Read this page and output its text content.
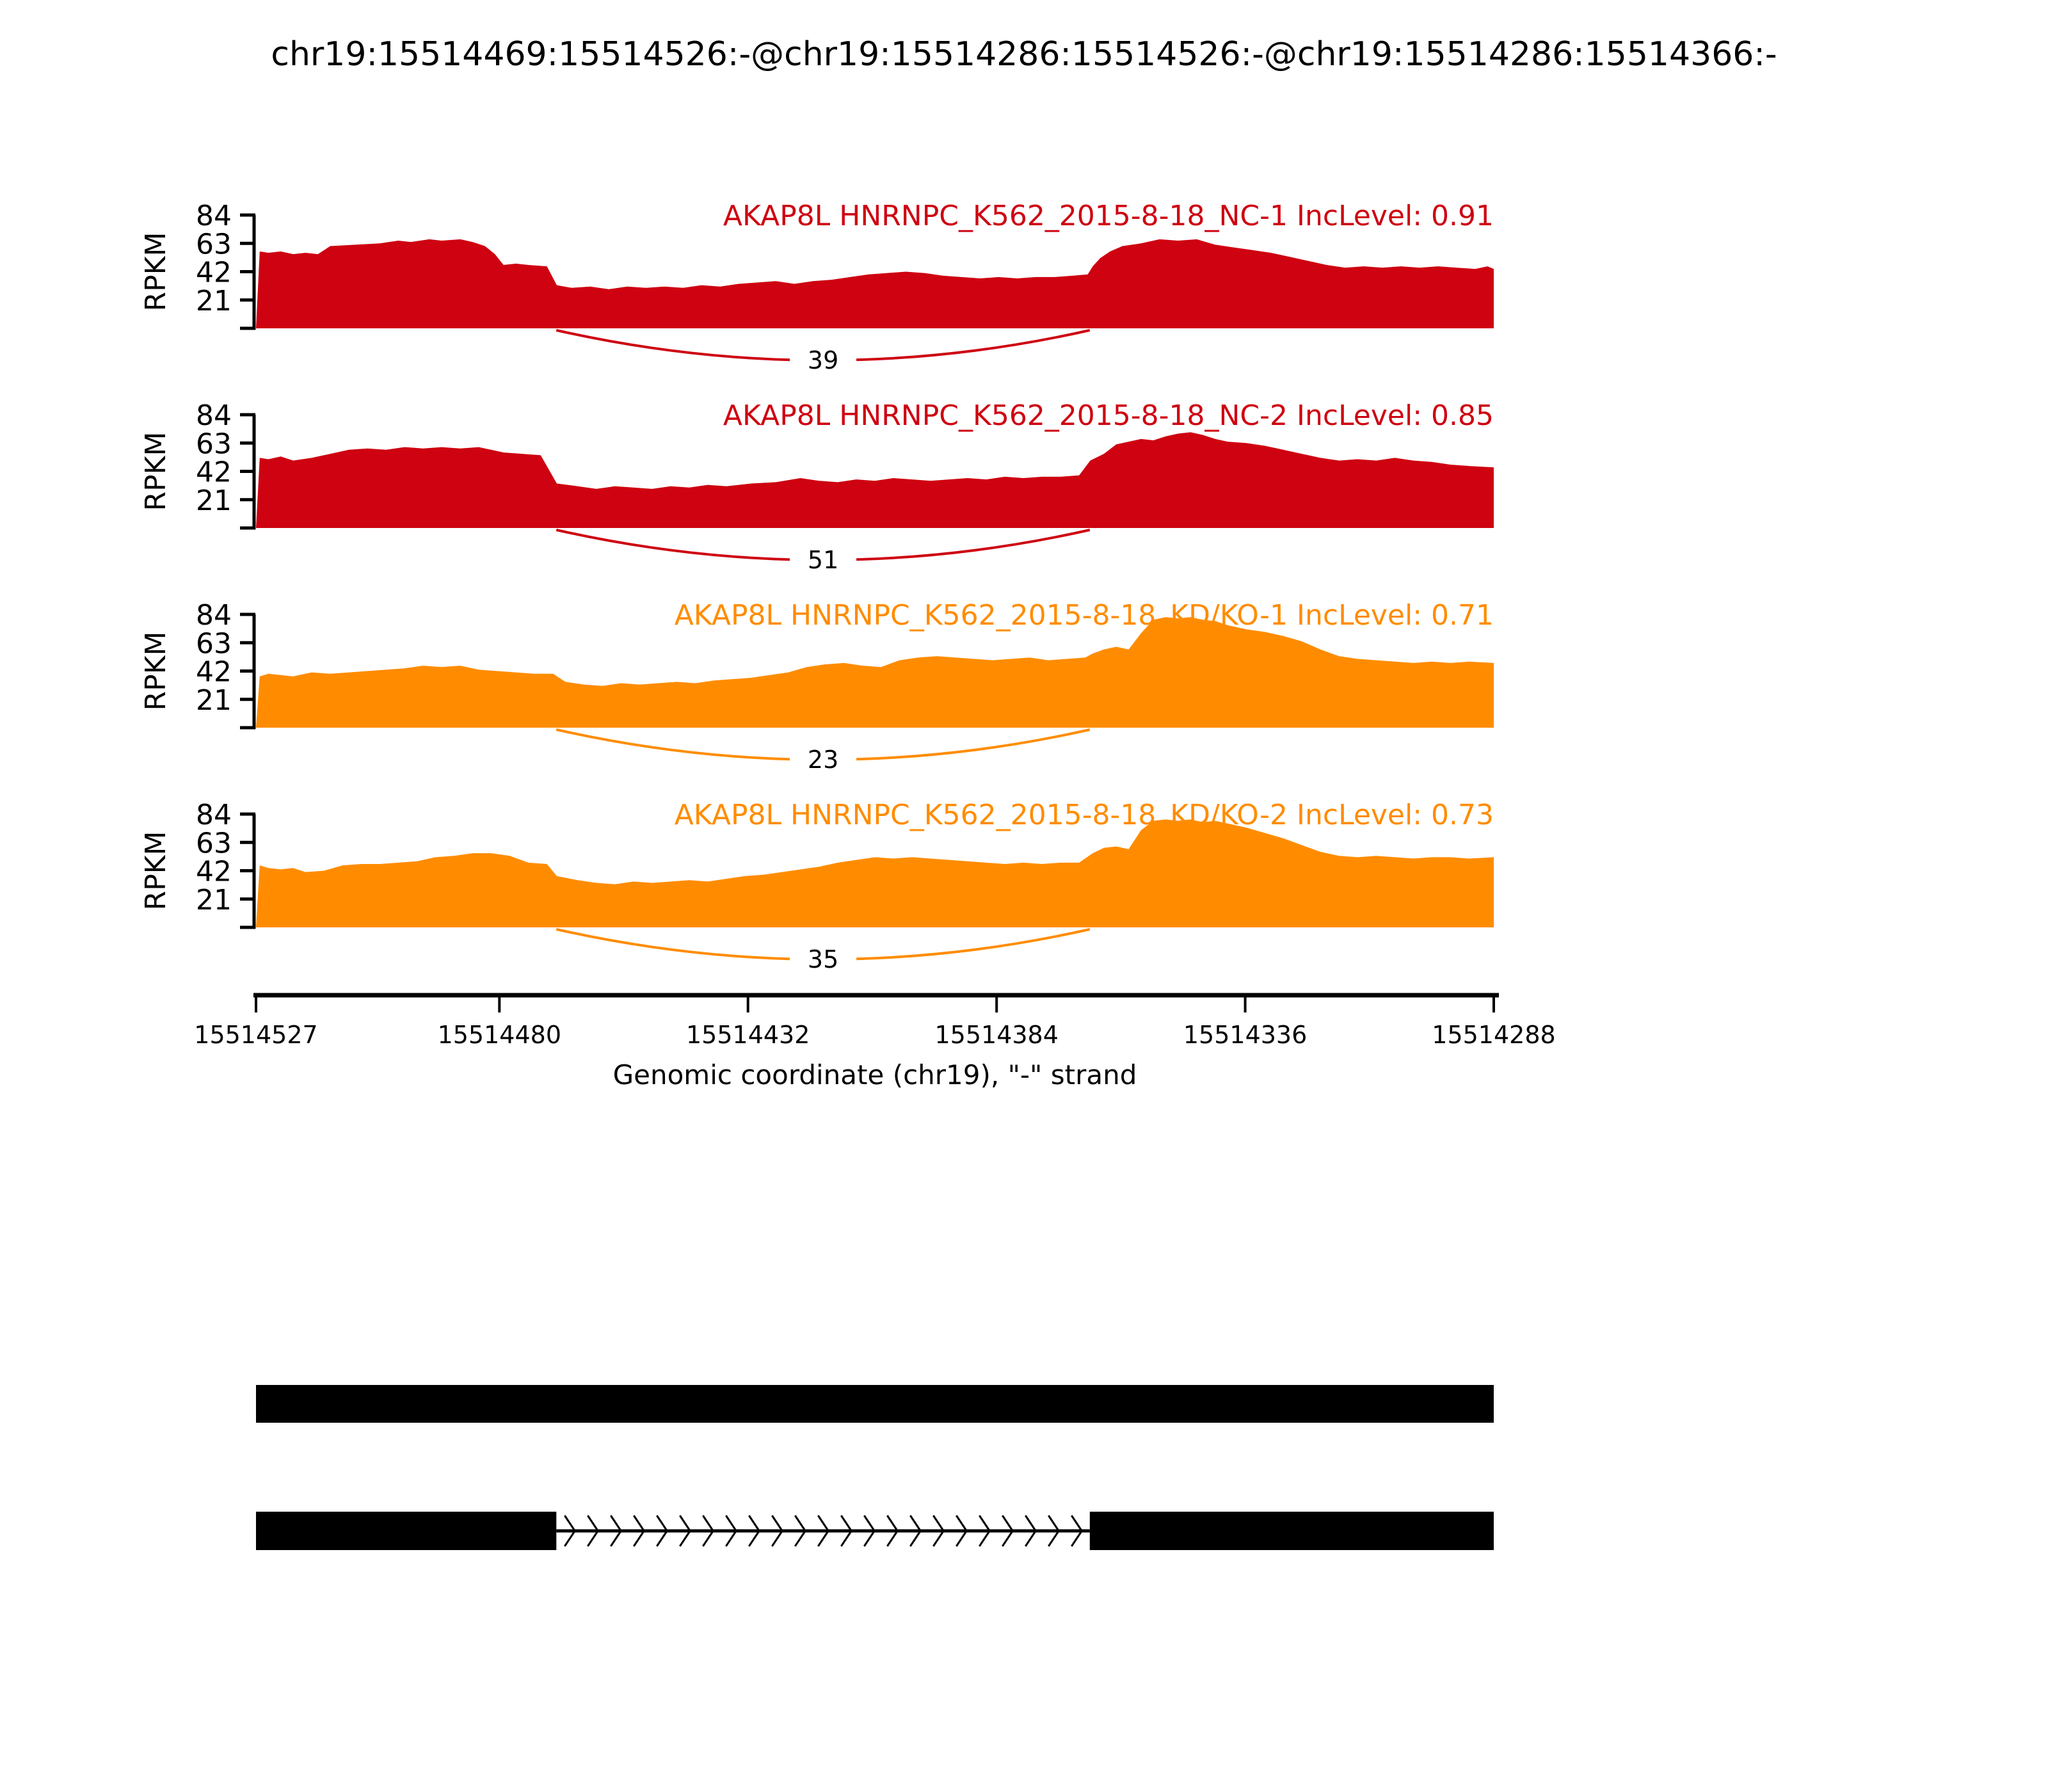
chr19:15514469:15514526:-@chr19:15514286:15514526:-@chr19:15514286:15514366:-
39
84
63
42
21
RPKM
AKAP8L HNRNPC_K562_2015-8-18_NC-1 IncLevel: 0.91
51
84
63
42
21
RPKM
AKAP8L HNRNPC_K562_2015-8-18_NC-2 IncLevel: 0.85
23
84
63
42
21
RPKM
AKAP8L HNRNPC_K562_2015-8-18_KD/KO-1 IncLevel: 0.71
35
84
63
42
21
RPKM
AKAP8L HNRNPC_K562_2015-8-18_KD/KO-2 IncLevel: 0.73
15514527	15514480	15514432	15514384	15514336	15514288
Genomic coordinate (chr19), "-" strand
